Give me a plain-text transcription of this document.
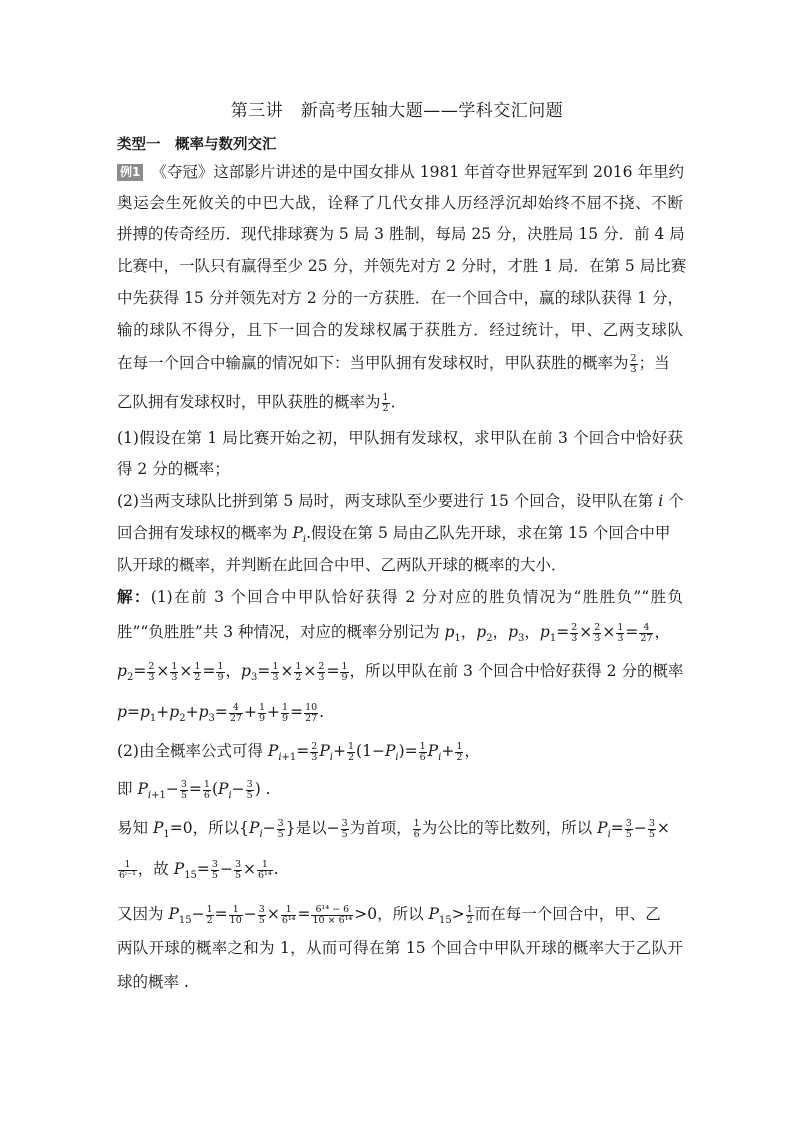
第三讲　新高考压轴大题——学科交汇问题
类型一　概率与数列交汇
例1 《夺冠》这部影片讲述的是中国女排从 1981 年首夺世界冠军到 2016 年里约
奥运会生死攸关的中巴大战，诠释了几代女排人历经浮沉却始终不屈不挠、不断
拼搏的传奇经历．现代排球赛为 5 局 3 胜制，每局 25 分，决胜局 15 分．前 4 局
比赛中，一队只有赢得至少 25 分，并领先对方 2 分时，才胜 1 局．在第 5 局比赛
中先获得 15 分并领先对方 2 分的一方获胜．在一个回合中，赢的球队获得 1 分，
输的球队不得分，且下一回合的发球权属于获胜方．经过统计，甲、乙两支球队
在每一个回合中输赢的情况如下：当甲队拥有发球权时，甲队获胜的概率为 $\frac{2}{3}$ ；当
乙队拥有发球权时，甲队获胜的概率为 $\frac{1}{2}$ ．
(1)假设在第 1 局比赛开始之初，甲队拥有发球权，求甲队在前 3 个回合中恰好获
得 2 分的概率；
(2)当两支球队比拼到第 5 局时，两支球队至少要进行 15 个回合，设甲队在第 i 个
回合拥有发球权的概率为 $P_i$.假设在第 5 局由乙队先开球，求在第 15 个回合中甲
队开球的概率，并判断在此回合中甲、乙两队开球的概率的大小．
解：(1)在前 3 个回合中甲队恰好获得 2 分对应的胜负情况为“胜胜负”“胜负
胜”“负胜胜”共 3 种情况，对应的概率分别记为 $p_1$，$p_2$，$p_3$，$p_1= \frac{2}{3} \times \frac{2}{3} \times \frac{1}{3} = \frac{4}{27}$ ，
$p_2= \frac{2}{3} \times \frac{1}{3} \times \frac{1}{2} = \frac{1}{9}$ ，$p_3= \frac{1}{3} \times \frac{1}{2} \times \frac{2}{3} = \frac{1}{9}$ ，所以甲队在前 3 个回合中恰好获得 2 分的概率
$p=p_1+p_2+p_3= \frac{4}{27} + \frac{1}{9} + \frac{1}{9} = \frac{10}{27}$ .
(2)由全概率公式可得 $P_{i+1}= \frac{2}{3} P_i+ \frac{1}{2} (1-P_i)= \frac{1}{6} P_i+ \frac{1}{2}$ ，
即 $P_{i+1}- \frac{3}{5} = \frac{1}{6} (P_i- \frac{3}{5}$ ) .
易知 $P_1=0$，所以{$P_i- \frac{3}{5}$ }是以− $\frac{3}{5}$ 为首项， $\frac{1}{6}$ 为公比的等比数列，所以 $P_i= \frac{3}{5} - \frac{3}{5}$ ×
$\frac{1}{\text{6ⁱ⁻¹}}$ ，故 $P_{15}= \frac{3}{5} - \frac{3}{5} \times \frac{1}{\text{6¹⁴}}$ .
又因为 $P_{15}- \frac{1}{2} = \frac{1}{10} - \frac{3}{5} \times \frac{1}{\text{6¹⁴}} = \frac{\text{6¹⁴ − 6}}{\text{10 × 6¹⁴}} >0$，所以 $P_{15}> \frac{1}{2}$ 而在每一个回合中，甲、乙
两队开球的概率之和为 1，从而可得在第 15 个回合中甲队开球的概率大于乙队开
球的概率 .
